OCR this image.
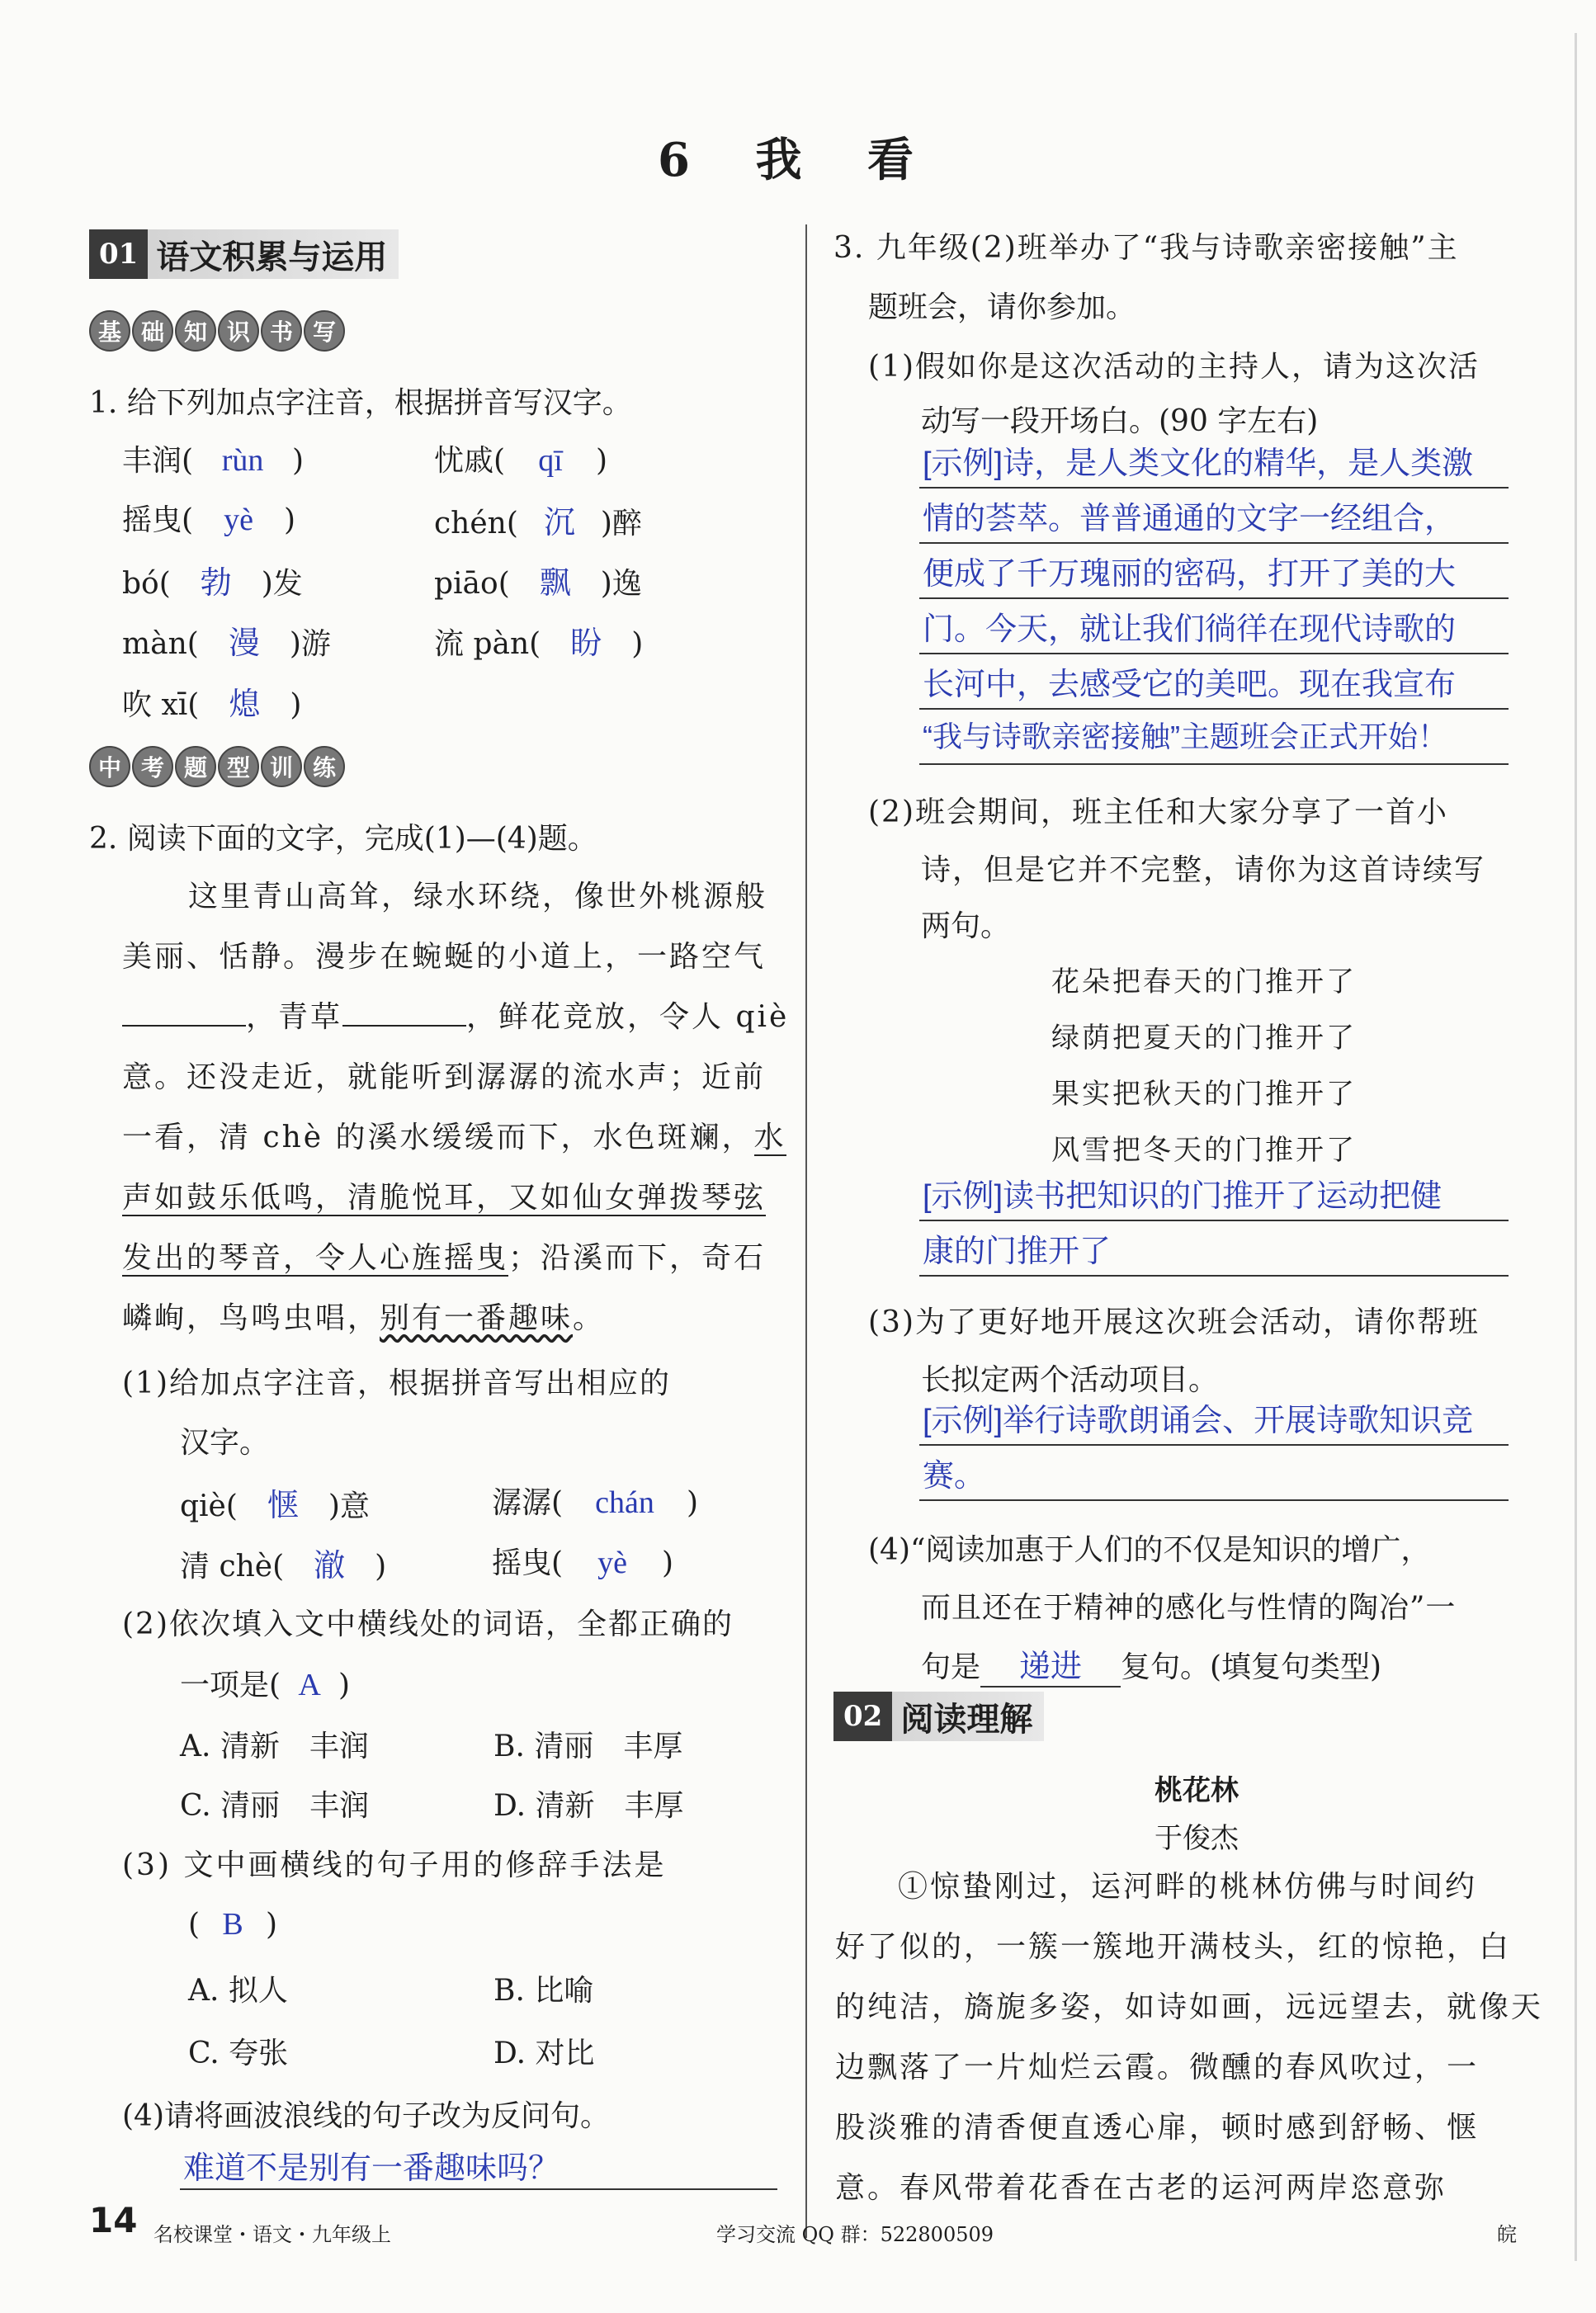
6 我 看
01 语文积累与运用
基 础 知 识 书 写
1. 给下列加点字注音，根据拼音写汉字。
丰润( rùn )	忧戚( qī )
摇曳( yè )	chén( 沉 )醉
bó( 勃 )发	piāo( 飘 )逸
màn( 漫 )游	流 pàn( 盼 )
吹 xī( 熄 )
中 考 题 型 训 练
2. 阅读下面的文字，完成(1)—(4)题。
这里青山高耸，绿水环绕，像世外桃源般
美丽、恬静。漫步在蜿蜒的小道上，一路空气
，青草	，鲜花竞放，令人 qiè
意。还没走近，就能听到潺潺的流水声；近前
一看，清 chè 的溪水缓缓而下，水色斑斓，水
声如鼓乐低鸣，清脆悦耳，又如仙女弹拨琴弦
发出的琴音，令人心旌摇曳；沿溪而下，奇石
嶙峋，鸟鸣虫唱，别有一番趣味。
(1)给加点字注音，根据拼音写出相应的
汉字。
qiè( 惬 )意	潺潺( chán )
清 chè( 澈 )	摇曳( yè )
(2)依次填入文中横线处的词语，全都正确的
一项是( A )
A. 清新　丰润	B. 清丽　丰厚
C. 清丽　丰润	D. 清新　丰厚
(3) 文中画横线的句子用的修辞手法是
( B )
A. 拟人	B. 比喻
C. 夸张	D. 对比
(4)请将画波浪线的句子改为反问句。
难道不是别有一番趣味吗？
3. 九年级(2)班举办了“我与诗歌亲密接触”主
题班会，请你参加。
(1)假如你是这次活动的主持人，请为这次活
动写一段开场白。(90 字左右)
[示例]诗，是人类文化的精华，是人类激
情的荟萃。普普通通的文字一经组合，
便成了千万瑰丽的密码，打开了美的大
门。今天，就让我们徜徉在现代诗歌的
长河中，去感受它的美吧。现在我宣布
“我与诗歌亲密接触”主题班会正式开始！
(2)班会期间，班主任和大家分享了一首小
诗，但是它并不完整，请你为这首诗续写
两句。
花朵把春天的门推开了
绿荫把夏天的门推开了
果实把秋天的门推开了
风雪把冬天的门推开了
[示例]读书把知识的门推开了运动把健
康的门推开了
(3)为了更好地开展这次班会活动，请你帮班
长拟定两个活动项目。
[示例]举行诗歌朗诵会、开展诗歌知识竞
赛。
(4)“阅读加惠于人们的不仅是知识的增广，
而且还在于精神的感化与性情的陶冶”一
句是 递进 复句。(填复句类型)
02 阅读理解
桃花林
于俊杰
①惊蛰刚过，运河畔的桃林仿佛与时间约
好了似的，一簇一簇地开满枝头，红的惊艳，白
的纯洁，旖旎多姿，如诗如画，远远望去，就像天
边飘落了一片灿烂云霞。微醺的春风吹过，一
股淡雅的清香便直透心扉，顿时感到舒畅、惬
意。春风带着花香在古老的运河两岸恣意弥
14 名校课堂・语文・九年级上	学习交流 QQ 群：522800509	皖
